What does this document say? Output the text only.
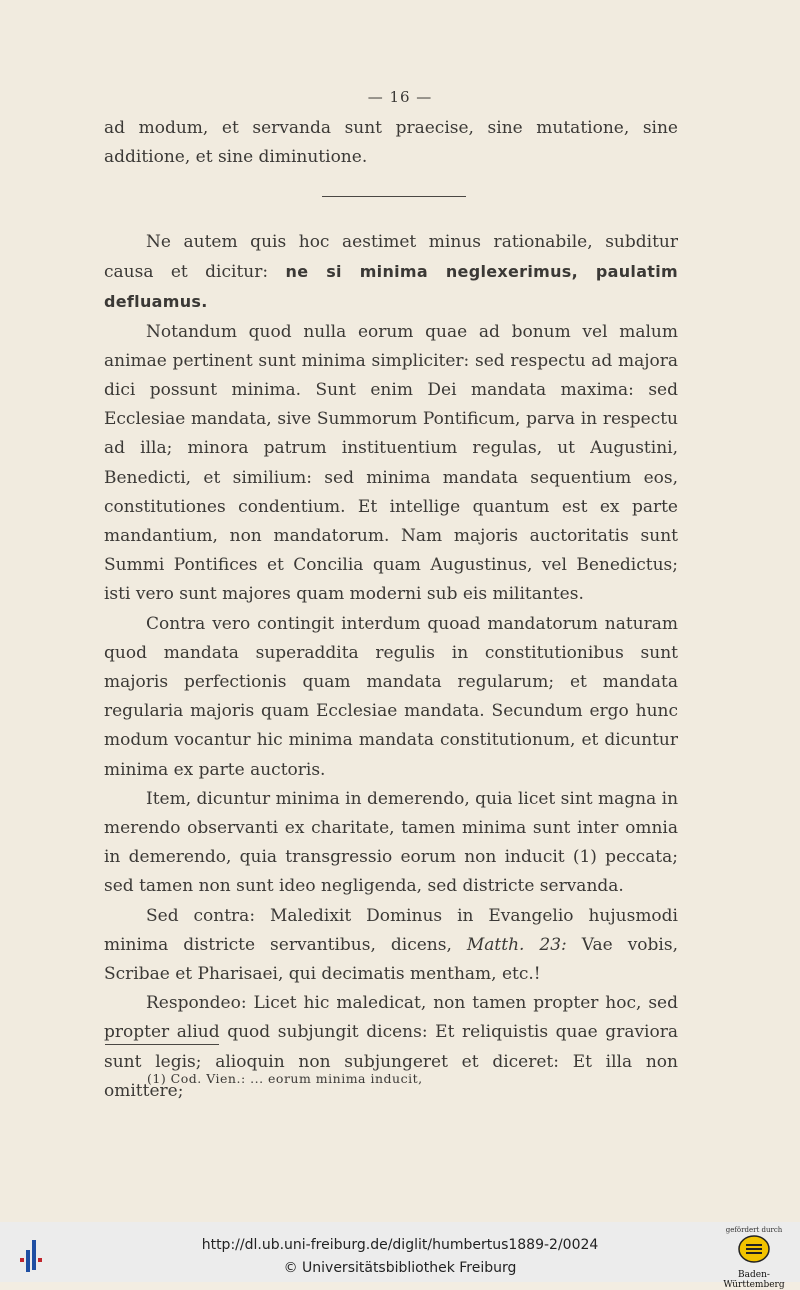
— 16 —

ad modum, et servanda sunt praecise, sine mutatione, sine additione, et sine diminutione.

Ne autem quis hoc aestimet minus rationabile, subditur causa et dicitur: ne si minima neglexerimus, paulatim defluamus.

Notandum quod nulla eorum quae ad bonum vel malum animae pertinent sunt minima simpliciter: sed respectu ad majora dici possunt minima. Sunt enim Dei mandata maxima: sed Ecclesiae mandata, sive Summorum Pontificum, parva in respectu ad illa; minora patrum instituentium regulas, ut Augustini, Benedicti, et similium: sed minima mandata sequentium eos, constitutiones condentium. Et intellige quantum est ex parte mandantium, non mandatorum. Nam majoris auctoritatis sunt Summi Pontifices et Concilia quam Augustinus, vel Benedictus; isti vero sunt majores quam moderni sub eis militantes.

Contra vero contingit interdum quoad mandatorum naturam quod mandata superaddita regulis in constitutionibus sunt majoris perfectionis quam mandata regularum; et mandata regularia majoris quam Ecclesiae mandata. Secundum ergo hunc modum vocantur hic minima mandata constitutionum, et dicuntur minima ex parte auctoris.

Item, dicuntur minima in demerendo, quia licet sint magna in merendo observanti ex charitate, tamen minima sunt inter omnia in demerendo, quia transgressio eorum non inducit (1) peccata; sed tamen non sunt ideo negligenda, sed districte servanda.

Sed contra: Maledixit Dominus in Evangelio hujusmodi minima districte servantibus, dicens, Matth. 23: Vae vobis, Scribae et Pharisaei, qui decimatis mentham, etc.!

Respondeo: Licet hic maledicat, non tamen propter hoc, sed propter aliud quod subjungit dicens: Et reliquistis quae graviora sunt legis; alioquin non subjungeret et diceret: Et illa non omittere;

(1) Cod. Vien.: ... eorum minima inducit,
http://dl.ub.uni-freiburg.de/diglit/humbertus1889-2/0024
© Universitätsbibliothek Freiburg
gefördert durch
Baden-Württemberg
